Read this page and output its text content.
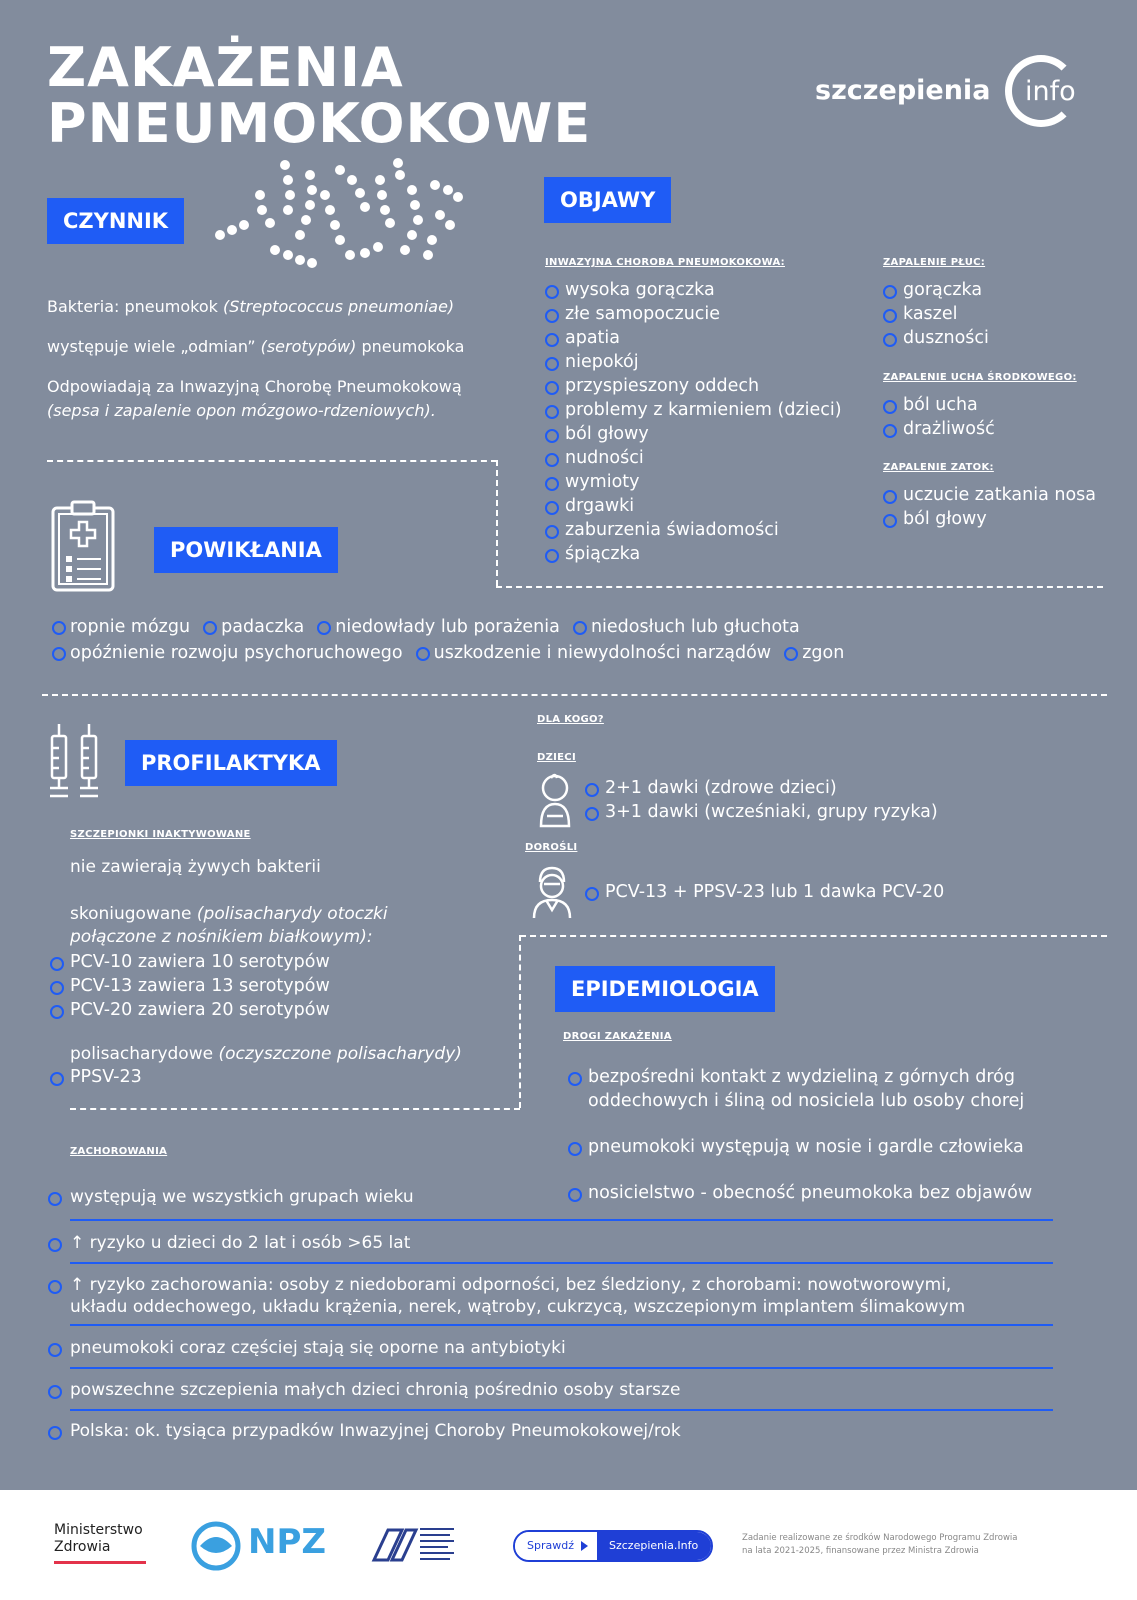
ZAKAŻENIA
PNEUMOKOKOWE
szczepienia info
CZYNNIK
Bakteria: pneumokok (Streptococcus pneumoniae)
występuje wiele „odmian” (serotypów) pneumokoka
Odpowiadają za Inwazyjną Chorobę Pneumokokową
(sepsa i zapalenie opon mózgowo-rdzeniowych).
OBJAWY
INWAZYJNA CHOROBA PNEUMOKOKOWA:
wysoka gorączka
złe samopoczucie
apatia
niepokój
przyspieszony oddech
problemy z karmieniem (dzieci)
ból głowy
nudności
wymioty
drgawki
zaburzenia świadomości
śpiączka
ZAPALENIE PŁUC:
gorączka
kaszel
duszności
ZAPALENIE UCHA ŚRODKOWEGO:
ból ucha
drażliwość
ZAPALENIE ZATOK:
uczucie zatkania nosa
ból głowy
POWIKŁANIA
ropnie mózgu padaczka niedowłady lub porażenia niedosłuch lub głuchota
opóźnienie rozwoju psychoruchowego uszkodzenie i niewydolności narządów zgon
PROFILAKTYKA
SZCZEPIONKI INAKTYWOWANE
nie zawierają żywych bakterii
skoniugowane (polisacharydy otoczki
połączone z nośnikiem białkowym):
PCV-10 zawiera 10 serotypów
PCV-13 zawiera 13 serotypów
PCV-20 zawiera 20 serotypów
polisacharydowe (oczyszczone polisacharydy)
PPSV-23
DLA KOGO?
DZIECI
2+1 dawki (zdrowe dzieci)
3+1 dawki (wcześniaki, grupy ryzyka)
DOROŚLI
PCV-13 + PPSV-23 lub 1 dawka PCV-20
EPIDEMIOLOGIA
DROGI ZAKAŻENIA
bezpośredni kontakt z wydzieliną z górnych dróg
oddechowych i śliną od nosiciela lub osoby chorej
pneumokoki występują w nosie i gardle człowieka
nosicielstwo - obecność pneumokoka bez objawów
ZACHOROWANIA
występują we wszystkich grupach wieku
↑ ryzyko u dzieci do 2 lat i osób >65 lat
↑ ryzyko zachorowania: osoby z niedoborami odporności, bez śledziony, z chorobami: nowotworowymi,
układu oddechowego, układu krążenia, nerek, wątroby, cukrzycą, wszczepionym implantem ślimakowym
pneumokoki coraz częściej stają się oporne na antybiotyki
powszechne szczepienia małych dzieci chronią pośrednio osoby starsze
Polska: ok. tysiąca przypadków Inwazyjnej Choroby Pneumokokowej/rok
Ministerstwo
Zdrowia	NPZ	Sprawdź	Szczepienia.Info
Zadanie realizowane ze środków Narodowego Programu Zdrowia
na lata 2021-2025, finansowane przez Ministra Zdrowia
